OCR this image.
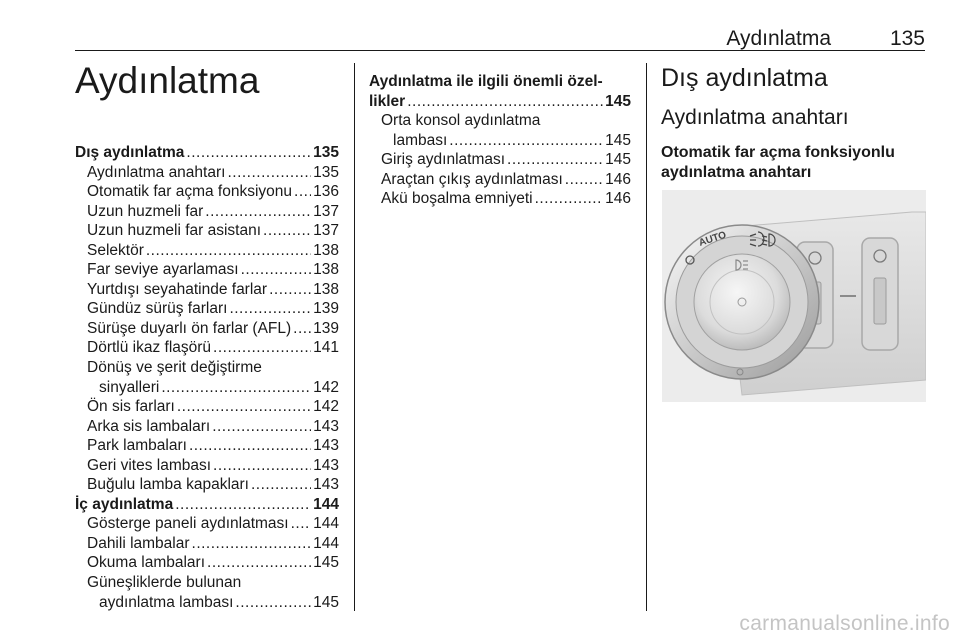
Aydınlatma	135
Aydınlatma
Dış aydınlatma .....	135
Aydınlatma anahtarı .....	135
Otomatik far açma fonksiyonu ..... 136
Uzun huzmeli far .....	137
Uzun huzmeli far asistanı .....	137
Selektör .....	138
Far seviye ayarlaması .....	138
Yurtdışı seyahatinde farlar .....	138
Gündüz sürüş farları .....	139
Sürüşe duyarlı ön farlar (AFL) ..... 139
Dörtlü ikaz flaşörü .....	141
Dönüş ve şerit değiştirme
sinyalleri .....	142
Ön sis farları .....	142
Arka sis lambaları .....	143
Park lambaları .....	143
Geri vites lambası .....	143
Buğulu lamba kapakları .....	143
İç aydınlatma .....	144
Gösterge paneli aydınlatması ..... 144
Dahili lambalar .....	144
Okuma lambaları .....	145
Güneşliklerde bulunan
aydınlatma lambası .....	145
Aydınlatma ile ilgili önemli özel-
likler .....	145
Orta konsol aydınlatma
lambası .....	145
Giriş aydınlatması .....	145
Araçtan çıkış aydınlatması .....	146
Akü boşalma emniyeti .....	146
Dış aydınlatma
Aydınlatma anahtarı
Otomatik far açma fonksiyonlu
aydınlatma anahtarı
AUTO
carmanualsonline.info
